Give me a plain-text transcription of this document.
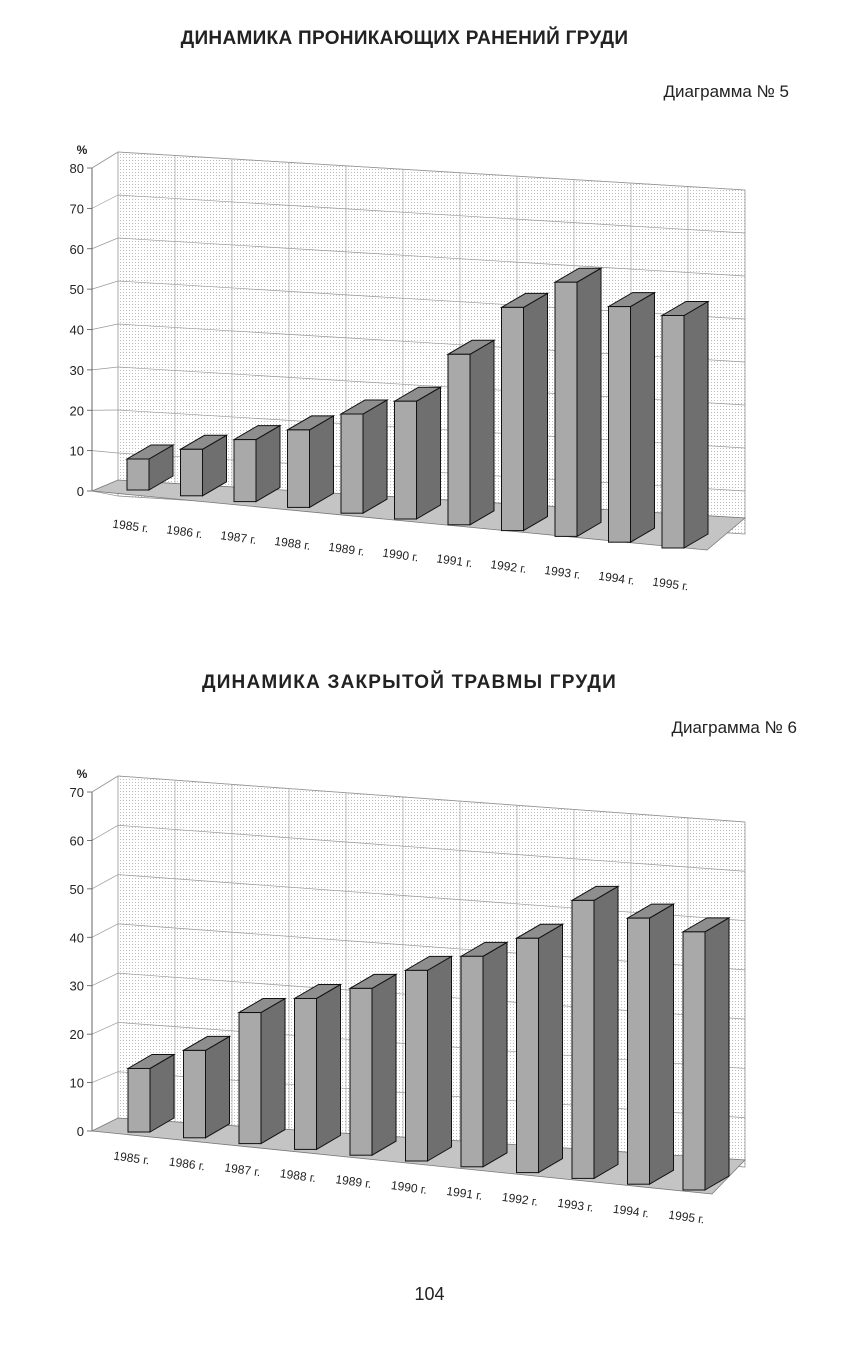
ДИНАМИКА ПРОНИКАЮЩИХ РАНЕНИЙ ГРУДИ
Диаграмма № 5
0
10
20
30
40
50
60
70
80
%
1985 г. 1986 г. 1987 г. 1988 г. 1989 г. 1990 г. 1991 г. 1992 г. 1993 г. 1994 г. 1995 г.
ДИНАМИКА ЗАКРЫТОЙ ТРАВМЫ ГРУДИ
Диаграмма № 6
0
10
20
30
40
50
60
70
%
1985 г. 1986 г. 1987 г. 1988 г. 1989 г. 1990 г. 1991 г. 1992 г. 1993 г. 1994 г. 1995 г.
104
